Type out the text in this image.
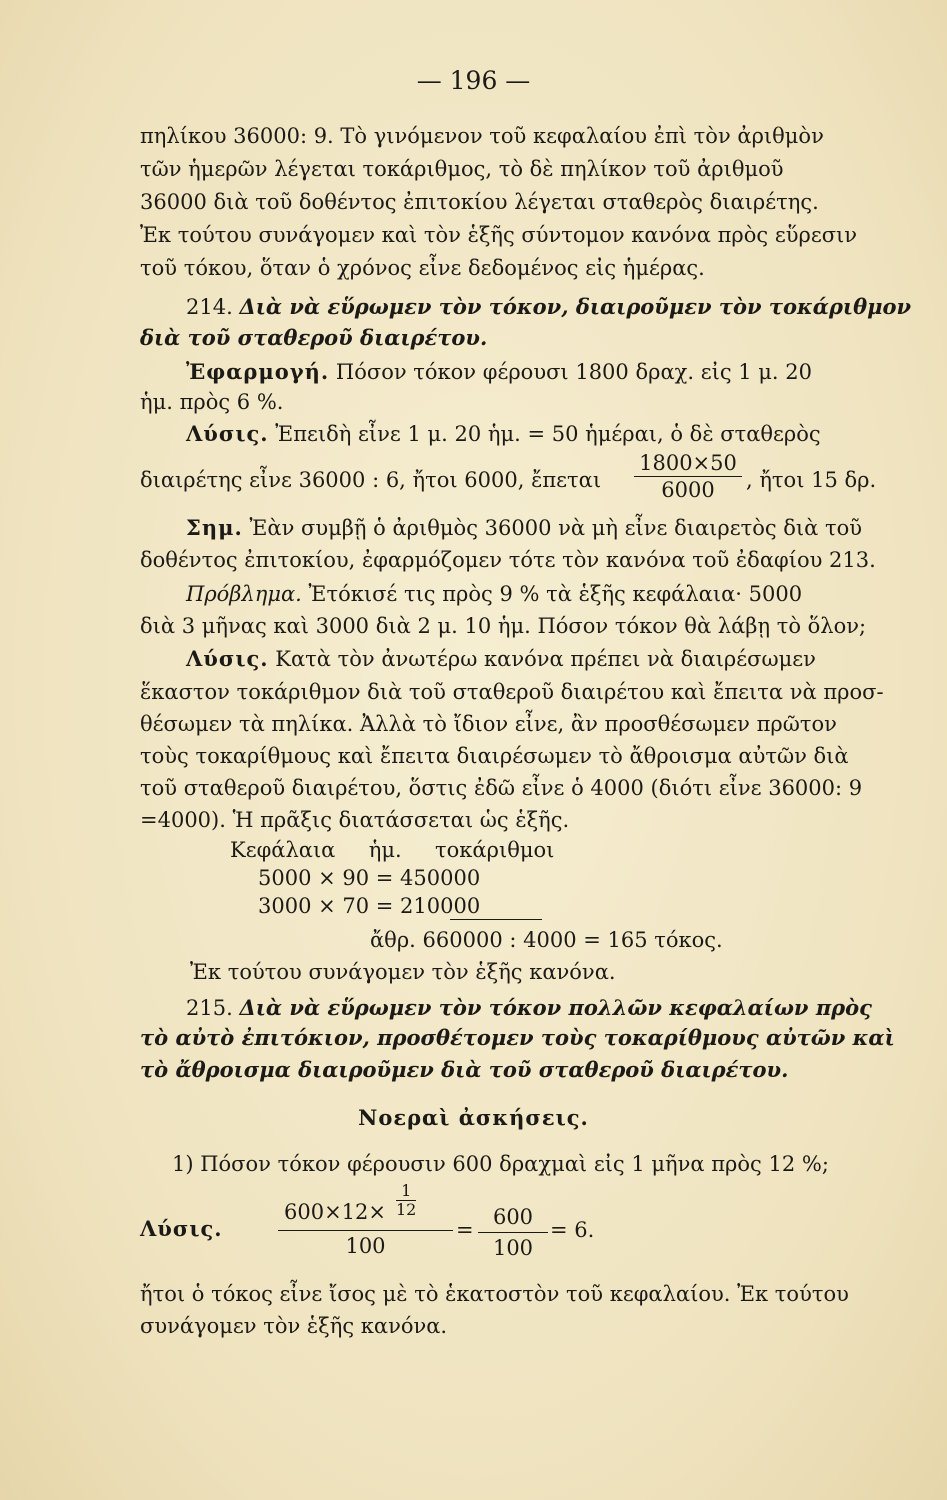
— 196 —
πηλίκου 36000: 9. Τὸ γινόμενον τοῦ κεφαλαίου ἐπὶ τὸν ἀριθμὸν
τῶν ἡμερῶν λέγεται τοκάριθμος, τὸ δὲ πηλίκον τοῦ ἀριθμοῦ
36000 διὰ τοῦ δοθέντος ἐπιτοκίου λέγεται σταθερὸς διαιρέτης.
Ἐκ τούτου συνάγομεν καὶ τὸν ἑξῆς σύντομον κανόνα πρὸς εὕρεσιν
τοῦ τόκου, ὅταν ὁ χρόνος εἶνε δεδομένος εἰς ἡμέρας.
214. Διὰ νὰ εὕρωμεν τὸν τόκον, διαιροῦμεν τὸν τοκάριθμον
διὰ τοῦ σταθεροῦ διαιρέτου.
Ἐφαρμογή. Πόσον τόκον φέρουσι 1800 δραχ. εἰς 1 μ. 20
ἡμ. πρὸς 6 %.
Λύσις. Ἐπειδὴ εἶνε 1 μ. 20 ἡμ. = 50 ἡμέραι, ὁ δὲ σταθερὸς
διαιρέτης εἶνε 36000 : 6, ἤτοι 6000, ἔπεται	$\frac{1800\times 50}{6000}$ , ἤτοι 15 δρ.
Σημ. Ἐὰν συμβῇ ὁ ἀριθμὸς 36000 νὰ μὴ εἶνε διαιρετὸς διὰ τοῦ
δοθέντος ἐπιτοκίου, ἐφαρμόζομεν τότε τὸν κανόνα τοῦ ἐδαφίου 213.
Πρόβλημα. Ἐτόκισέ τις πρὸς 9 % τὰ ἑξῆς κεφάλαια· 5000
διὰ 3 μῆνας καὶ 3000 διὰ 2 μ. 10 ἡμ. Πόσον τόκον θὰ λάβῃ τὸ ὅλον;
Λύσις. Κατὰ τὸν ἀνωτέρω κανόνα πρέπει νὰ διαιρέσωμεν
ἕκαστον τοκάριθμον διὰ τοῦ σταθεροῦ διαιρέτου καὶ ἔπειτα νὰ προσ-
θέσωμεν τὰ πηλίκα. Ἀλλὰ τὸ ἴδιον εἶνε, ἂν προσθέσωμεν πρῶτον
τοὺς τοκαρίθμους καὶ ἔπειτα διαιρέσωμεν τὸ ἄθροισμα αὐτῶν διὰ
τοῦ σταθεροῦ διαιρέτου, ὅστις ἐδῶ εἶνε ὁ 4000 (διότι εἶνε 36000: 9
=4000). Ἡ πρᾶξις διατάσσεται ὡς ἑξῆς.
Κεφάλαια ἡμ. τοκάριθμοι
5000 × 90 = 450000
3000 × 70 = 210000
ἄθρ. 660000 : 4000 = 165 τόκος.
Ἐκ τούτου συνάγομεν τὸν ἑξῆς κανόνα.
215. Διὰ νὰ εὕρωμεν τὸν τόκον πολλῶν κεφαλαίων πρὸς
τὸ αὐτὸ ἐπιτόκιον, προσθέτομεν τοὺς τοκαρίθμους αὐτῶν καὶ
τὸ ἄθροισμα διαιροῦμεν διὰ τοῦ σταθεροῦ διαιρέτου.
Νοεραὶ ἀσκήσεις.
1) Πόσον τόκον φέρουσιν 600 δραχμαὶ εἰς 1 μῆνα πρὸς 12 %;
Λύσις.	$\frac{600\times 12\times \frac{1}{12}}{100} = \frac{600}{100} = 6$.
ἤτοι ὁ τόκος εἶνε ἴσος μὲ τὸ ἑκατοστὸν τοῦ κεφαλαίου. Ἐκ τούτου
συνάγομεν τὸν ἑξῆς κανόνα.
